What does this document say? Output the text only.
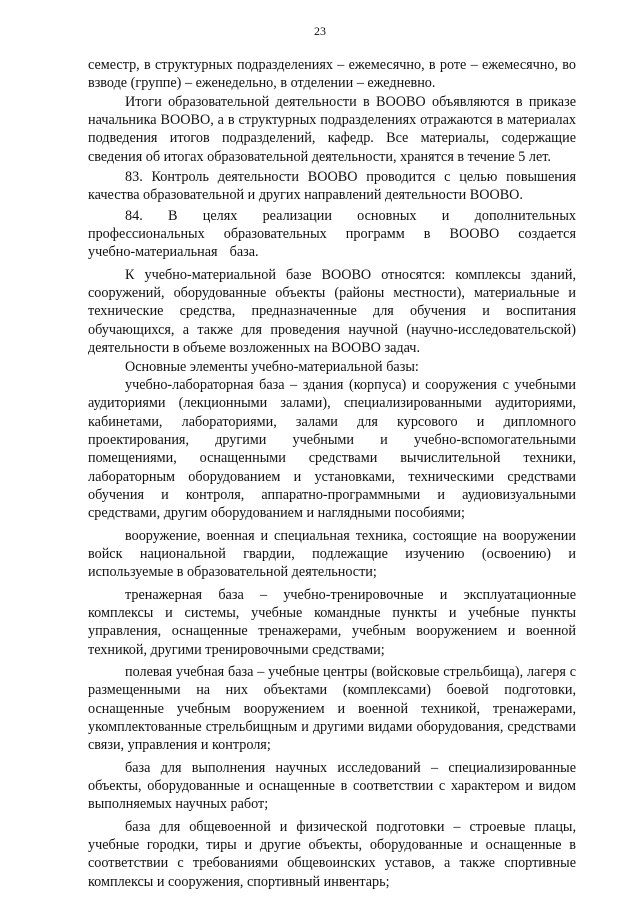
23

семестр, в структурных подразделениях – ежемесячно, в роте – ежемесячно, во взводе (группе) – еженедельно, в отделении – ежедневно.

Итоги образовательной деятельности в ВООВО объявляются в приказе начальника ВООВО, а в структурных подразделениях отражаются в материалах подведения итогов подразделений, кафедр. Все материалы, содержащие сведения об итогах образовательной деятельности, хранятся в течение 5 лет.

83. Контроль деятельности ВООВО проводится с целью повышения качества образовательной и других направлений деятельности ВООВО.

84. В целях реализации основных и дополнительных профессиональных образовательных программ в ВООВО создается учебно-материальная база.

К учебно-материальной базе ВООВО относятся: комплексы зданий, сооружений, оборудованные объекты (районы местности), материальные и технические средства, предназначенные для обучения и воспитания обучающихся, а также для проведения научной (научно-исследовательской) деятельности в объеме возложенных на ВООВО задач.

Основные элементы учебно-материальной базы:

учебно-лабораторная база – здания (корпуса) и сооружения с учебными аудиториями (лекционными залами), специализированными аудиториями, кабинетами, лабораториями, залами для курсового и дипломного проектирования, другими учебными и учебно-вспомогательными помещениями, оснащенными средствами вычислительной техники, лабораторным оборудованием и установками, техническими средствами обучения и контроля, аппаратно-программными и аудиовизуальными средствами, другим оборудованием и наглядными пособиями;

вооружение, военная и специальная техника, состоящие на вооружении войск национальной гвардии, подлежащие изучению (освоению) и используемые в образовательной деятельности;

тренажерная база – учебно-тренировочные и эксплуатационные комплексы и системы, учебные командные пункты и учебные пункты управления, оснащенные тренажерами, учебным вооружением и военной техникой, другими тренировочными средствами;

полевая учебная база – учебные центры (войсковые стрельбища), лагеря с размещенными на них объектами (комплексами) боевой подготовки, оснащенные учебным вооружением и военной техникой, тренажерами, укомплектованные стрельбищным и другими видами оборудования, средствами связи, управления и контроля;

база для выполнения научных исследований – специализированные объекты, оборудованные и оснащенные в соответствии с характером и видом выполняемых научных работ;

база для общевоенной и физической подготовки – строевые плацы, учебные городки, тиры и другие объекты, оборудованные и оснащенные в соответствии с требованиями общевоинских уставов, а также спортивные комплексы и сооружения, спортивный инвентарь;
